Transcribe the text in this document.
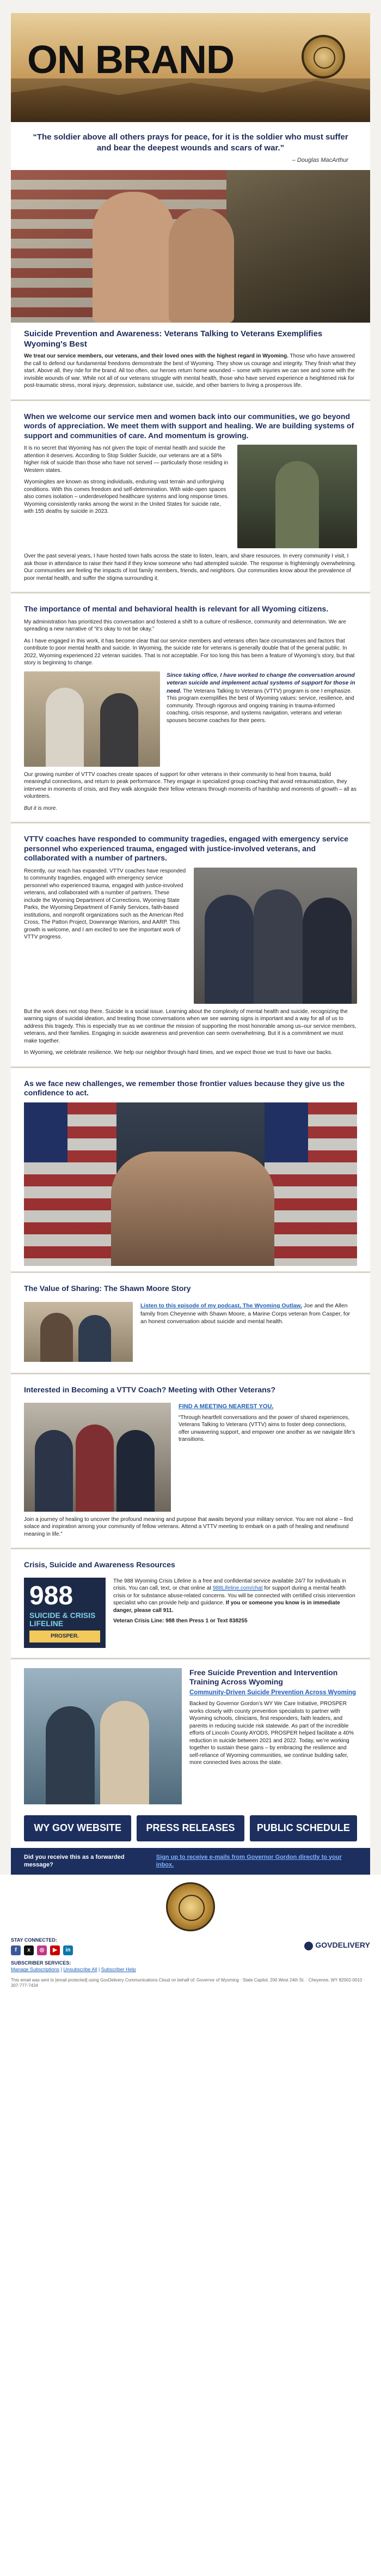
ON BRAND
“The soldier above all others prays for peace, for it is the soldier who must suffer and bear the deepest wounds and scars of war.”
– Douglas MacArthur
Suicide Prevention and Awareness: Veterans Talking to Veterans Exemplifies Wyoming's Best

We treat our service members, our veterans, and their loved ones with the highest regard in Wyoming. Those who have answered the call to defend our fundamental freedoms demonstrate the best of Wyoming. They show us courage and integrity. They finish what they start. Above all, they ride for the brand. All too often, our heroes return home wounded – some with injuries we can see and some with the invisible wounds of war. While not all of our veterans struggle with mental health, those who have served experience a heightened risk for post-traumatic stress, moral injury, depression, substance use, suicide, and other barriers to living a prosperous life.

When we welcome our service men and women back into our communities, we go beyond words of appreciation. We meet them with support and healing. We are building systems of support and communities of care. And momentum is growing.

It is no secret that Wyoming has not given the topic of mental health and suicide the attention it deserves. According to Stop Soldier Suicide, our veterans are at a 58% higher risk of suicide than those who have not served — particularly those residing in Western states.

Wyomingites are known as strong individuals, enduring vast terrain and unforgiving conditions. With this comes freedom and self-determination. With wide-open spaces also comes isolation – underdeveloped healthcare systems and long response times. Wyoming consistently ranks among the worst in the United States for suicide rate, with 155 deaths by suicide in 2023.

Over the past several years, I have hosted town halls across the state to listen, learn, and share resources. In every community I visit, I ask those in attendance to raise their hand if they know someone who had attempted suicide. The response is frighteningly overwhelming. Our communities are feeling the impacts of lost family members, friends, and neighbors. Our communities know about the prevalence of poor mental health, and suffer the stigma surrounding it.

The importance of mental and behavioral health is relevant for all Wyoming citizens.

My administration has prioritized this conversation and fostered a shift to a culture of resilience, community and determination. We are spreading a new narrative of “it’s okay to not be okay.”

As I have engaged in this work, it has become clear that our service members and veterans often face circumstances and factors that contribute to poor mental health and suicide. In Wyoming, the suicide rate for veterans is generally double that of the general public. In 2022, Wyoming experienced 22 veteran suicides. That is not acceptable. For too long this has been a feature of Wyoming’s story, but that story is beginning to change.

Since taking office, I have worked to change the conversation around veteran suicide and implement actual systems of support for those in need. The Veterans Talking to Veterans (VTTV) program is one I emphasize. This program exemplifies the best of Wyoming values: service, resilience, and community. Through rigorous and ongoing training in trauma-informed coaching, crisis response, and systems navigation, veterans and veteran spouses become coaches for their peers.

Our growing number of VTTV coaches create spaces of support for other veterans in their community to heal from trauma, build meaningful connections, and return to peak performance. They engage in specialized group coaching that avoid retraumatization, they intervene in moments of crisis, and they walk alongside their fellow veterans through moments of hardship and moments of growth – all as volunteers.

But it is more.

VTTV coaches have responded to community tragedies, engaged with emergency service personnel who experienced trauma, engaged with justice-involved veterans, and collaborated with a number of partners.

Recently, our reach has expanded. VTTV coaches have responded to community tragedies, engaged with emergency service personnel who experienced trauma, engaged with justice-involved veterans, and collaborated with a number of partners. These include the Wyoming Department of Corrections, Wyoming State Parks, the Wyoming Department of Family Services, faith-based institutions, and nonprofit organizations such as the American Red Cross, The Patton Project, Downrange Warriors, and AARP. This growth is welcome, and I am excited to see the important work of VTTV progress.

But the work does not stop there. Suicide is a social issue. Learning about the complexity of mental health and suicide, recognizing the warning signs of suicidal ideation, and treating those conversations when we see warning signs is important and a way for all of us to address this tragedy. This is especially true as we continue the mission of supporting the most honorable among us–our service members, veterans, and their families. Engaging in suicide awareness and prevention can seem overwhelming. But it is a commitment we must make together.

In Wyoming, we celebrate resilience. We help our neighbor through hard times, and we expect those we trust to have our backs.

As we face new challenges, we remember those frontier values because they give us the confidence to act.
The Value of Sharing: The Shawn Moore Story
Listen to this episode of my podcast, The Wyoming Outlaw, Joe and the Allen family from Cheyenne with Shawn Moore, a Marine Corps veteran from Casper, for an honest conversation about suicide and mental health.
Interested in Becoming a VTTV Coach? Meeting with Other Veterans?
FIND A MEETING NEAREST YOU.

“Through heartfelt conversations and the power of shared experiences, Veterans Talking to Veterans (VTTV) aims to foster deep connections, offer unwavering support, and empower one another as we navigate life’s transitions.

Join a journey of healing to uncover the profound meaning and purpose that awaits beyond your military service. You are not alone – find solace and inspiration among your community of fellow veterans. Attend a VTTV meeting to embark on a path of healing and newfound meaning in life.”

Crisis, Suicide and Awareness Resources
988
SUICIDE & CRISIS LIFELINE
PROSPER.
The 988 Wyoming Crisis Lifeline is a free and confidential service available 24/7 for individuals in crisis. You can call, text, or chat online at 988Lifeline.com/chat for support during a mental health crisis or for substance abuse-related concerns. You will be connected with certified crisis intervention specialist who can provide help and guidance. If you or someone you know is in immediate danger, please call 911.
Veteran Crisis Line: 988 then Press 1 or Text 838255
Free Suicide Prevention and Intervention Training Across Wyoming
Community-Driven Suicide Prevention Across Wyoming

Backed by Governor Gordon’s WY We Care Initiative, PROSPER works closely with county prevention specialists to partner with Wyoming schools, clinicians, first responders, faith leaders, and parents in reducing suicide risk statewide. As part of the incredible efforts of Lincoln County AYODS, PROSPER helped facilitate a 40% reduction in suicide between 2021 and 2022. Today, we’re working together to sustain these gains – by embracing the resilience and self-reliance of Wyoming communities, we continue building safer, more connected lives across the state.

WY GOV WEBSITE	PRESS RELEASES	PUBLIC SCHEDULE
Did you receive this as a forwarded message?
Sign up to receive e-mails from Governor Gordon directly to your inbox.
STAY CONNECTED:
f	x	◎	▶	in
SUBSCRIBER SERVICES:
Manage Subscriptions | Unsubscribe All | Subscriber Help
GOVDELIVERY
This email was sent to [email protected] using GovDelivery Communications Cloud on behalf of: Governor of Wyoming · State Capitol, 200 West 24th St. · Cheyenne, WY 82002-0010 · 307-777-7434
